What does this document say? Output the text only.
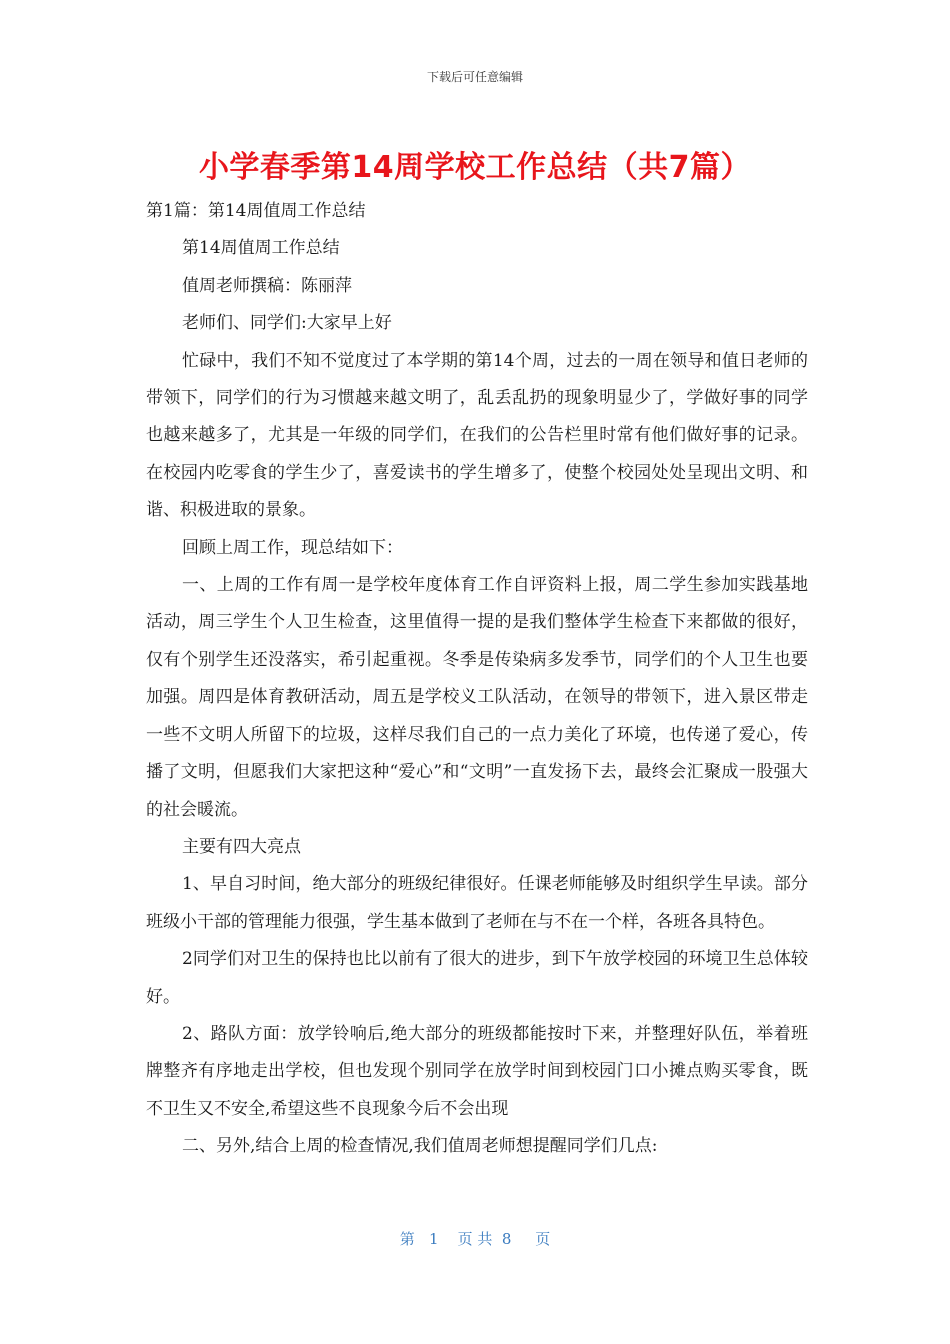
下载后可任意编辑
小学春季第14周学校工作总结（共7篇）

第1篇：第14周值周工作总结

第14周值周工作总结

值周老师撰稿：陈丽萍

老师们、同学们:大家早上好

忙碌中，我们不知不觉度过了本学期的第14个周，过去的一周在领导和值日老师的带领下，同学们的行为习惯越来越文明了，乱丢乱扔的现象明显少了，学做好事的同学也越来越多了，尤其是一年级的同学们，在我们的公告栏里时常有他们做好事的记录。在校园内吃零食的学生少了，喜爱读书的学生增多了，使整个校园处处呈现出文明、和谐、积极进取的景象。

回顾上周工作，现总结如下：

一、上周的工作有周一是学校年度体育工作自评资料上报，周二学生参加实践基地活动，周三学生个人卫生检查，这里值得一提的是我们整体学生检查下来都做的很好，仅有个别学生还没落实，希引起重视。冬季是传染病多发季节，同学们的个人卫生也要加强。周四是体育教研活动，周五是学校义工队活动，在领导的带领下，进入景区带走一些不文明人所留下的垃圾，这样尽我们自己的一点力美化了环境，也传递了爱心，传播了文明，但愿我们大家把这种“爱心”和“文明”一直发扬下去，最终会汇聚成一股强大的社会暖流。

主要有四大亮点

1、早自习时间，绝大部分的班级纪律很好。任课老师能够及时组织学生早读。部分班级小干部的管理能力很强，学生基本做到了老师在与不在一个样，各班各具特色。

2同学们对卫生的保持也比以前有了很大的进步，到下午放学校园的环境卫生总体较好。

2、路队方面：放学铃响后,绝大部分的班级都能按时下来，并整理好队伍，举着班牌整齐有序地走出学校，但也发现个别同学在放学时间到校园门口小摊点购买零食，既不卫生又不安全,希望这些不良现象今后不会出现

二、另外,结合上周的检查情况,我们值周老师想提醒同学们几点:

第   1    页 共  8     页
